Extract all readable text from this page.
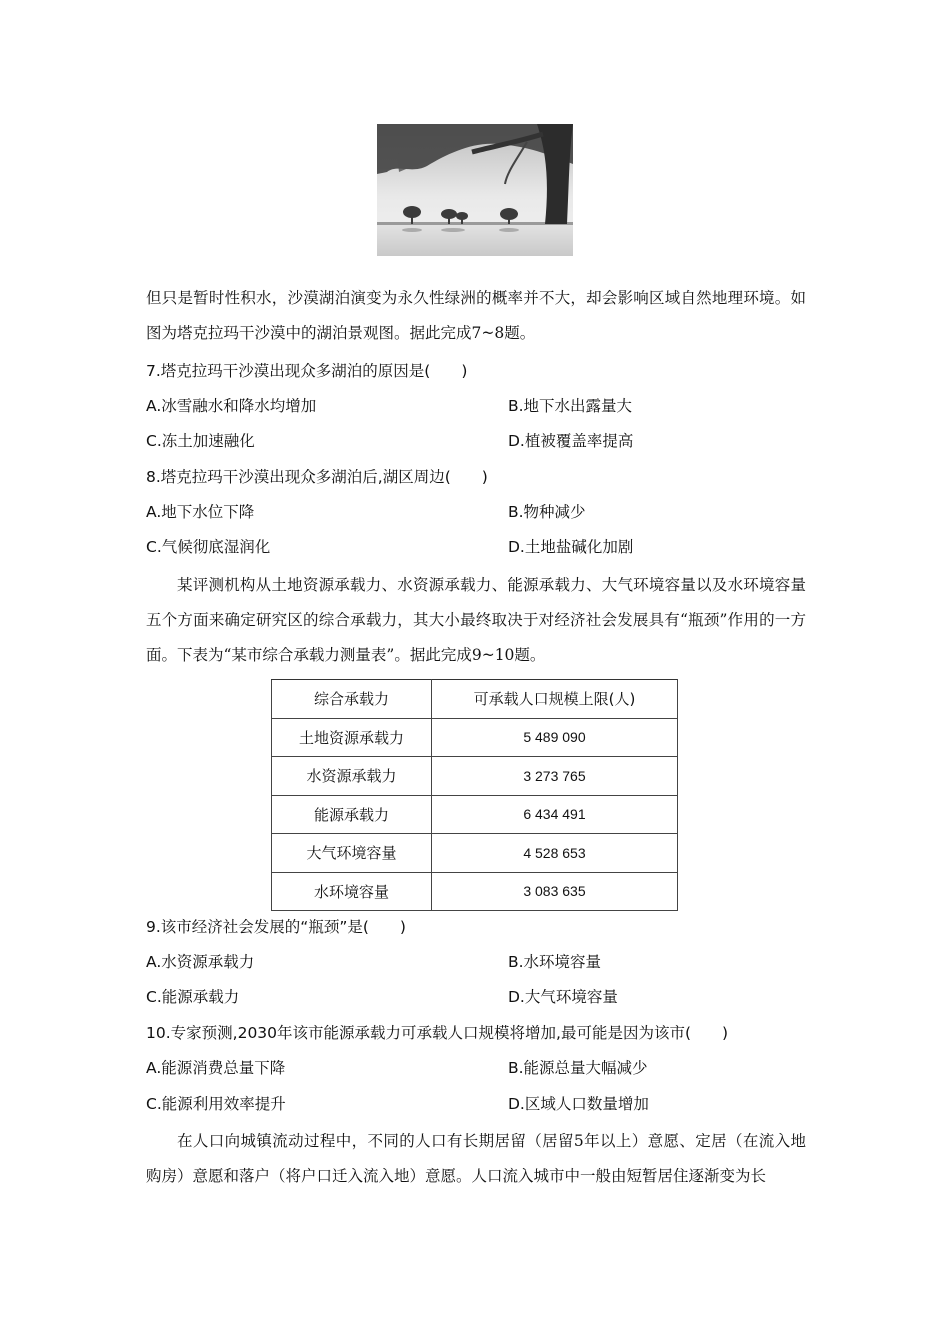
但只是暂时性积水，沙漠湖泊演变为永久性绿洲的概率并不大，却会影响区域自然地理环境。如图为塔克拉玛干沙漠中的湖泊景观图。据此完成7~8题。
7.塔克拉玛干沙漠出现众多湖泊的原因是(　　)
A.冰雪融水和降水均增加	B.地下水出露量大
C.冻土加速融化	D.植被覆盖率提高
8.塔克拉玛干沙漠出现众多湖泊后,湖区周边(　　)
A.地下水位下降	B.物种减少
C.气候彻底湿润化	D.土地盐碱化加剧
某评测机构从土地资源承载力、水资源承载力、能源承载力、大气环境容量以及水环境容量五个方面来确定研究区的综合承载力，其大小最终取决于对经济社会发展具有“瓶颈”作用的一方面。下表为“某市综合承载力测量表”。据此完成9~10题。
综合承载力	可承载人口规模上限(人)
土地资源承载力	5 489 090
水资源承载力	3 273 765
能源承载力	6 434 491
大气环境容量	4 528 653
水环境容量	3 083 635
9.该市经济社会发展的“瓶颈”是(　　)
A.水资源承载力	B.水环境容量
C.能源承载力	D.大气环境容量
10.专家预测,2030年该市能源承载力可承载人口规模将增加,最可能是因为该市(　　)
A.能源消费总量下降	B.能源总量大幅减少
C.能源利用效率提升	D.区域人口数量增加
在人口向城镇流动过程中，不同的人口有长期居留（居留5年以上）意愿、定居（在流入地购房）意愿和落户（将户口迁入流入地）意愿。人口流入城市中一般由短暂居住逐渐变为长
